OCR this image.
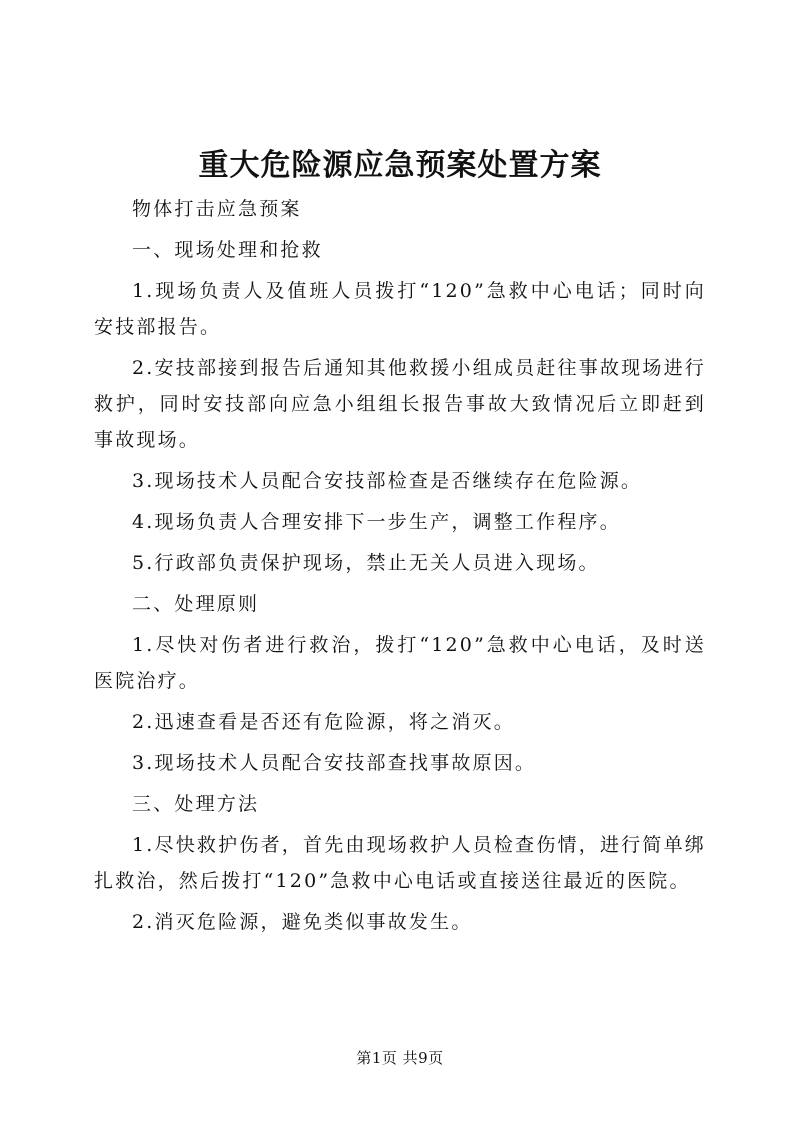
重大危险源应急预案处置方案

物体打击应急预案

一、现场处理和抢救

1.现场负责人及值班人员拨打“120”急救中心电话；同时向安技部报告。

2.安技部接到报告后通知其他救援小组成员赶往事故现场进行救护，同时安技部向应急小组组长报告事故大致情况后立即赶到事故现场。

3.现场技术人员配合安技部检查是否继续存在危险源。

4.现场负责人合理安排下一步生产，调整工作程序。

5.行政部负责保护现场，禁止无关人员进入现场。

二、处理原则

1.尽快对伤者进行救治，拨打“120”急救中心电话，及时送医院治疗。

2.迅速查看是否还有危险源，将之消灭。

3.现场技术人员配合安技部查找事故原因。

三、处理方法

1.尽快救护伤者，首先由现场救护人员检查伤情，进行简单绑扎救治，然后拨打“120”急救中心电话或直接送往最近的医院。

2.消灭危险源，避免类似事故发生。

第1页 共9页
